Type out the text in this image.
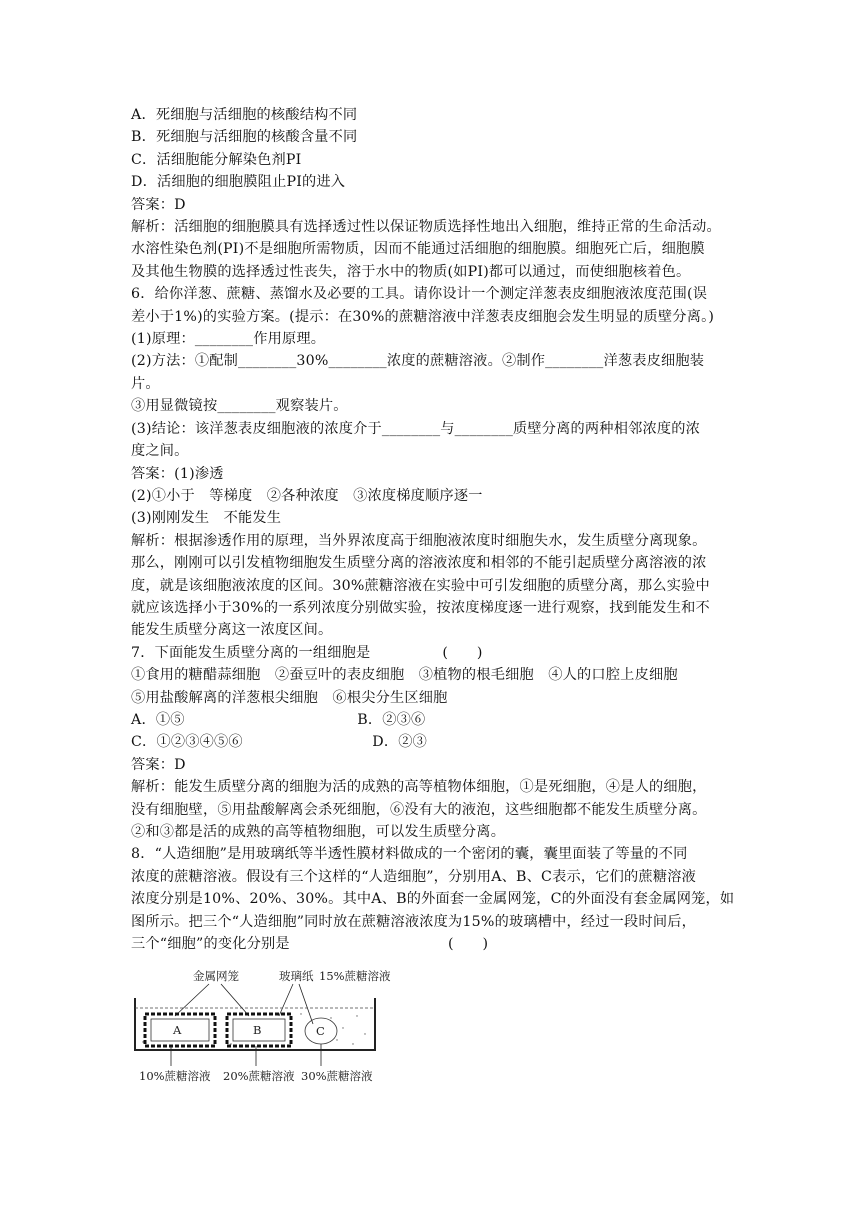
A．死细胞与活细胞的核酸结构不同
B．死细胞与活细胞的核酸含量不同
C．活细胞能分解染色剂PI
D．活细胞的细胞膜阻止PI的进入
答案：D
解析：活细胞的细胞膜具有选择透过性以保证物质选择性地出入细胞，维持正常的生命活动。
水溶性染色剂(PI)不是细胞所需物质，因而不能通过活细胞的细胞膜。细胞死亡后，细胞膜
及其他生物膜的选择透过性丧失，溶于水中的物质(如PI)都可以通过，而使细胞核着色。
6．给你洋葱、蔗糖、蒸馏水及必要的工具。请你设计一个测定洋葱表皮细胞液浓度范围(误
差小于1%)的实验方案。(提示：在30%的蔗糖溶液中洋葱表皮细胞会发生明显的质壁分离。)
(1)原理：________作用原理。
(2)方法：①配制________30%________浓度的蔗糖溶液。②制作________洋葱表皮细胞装
片。
③用显微镜按________观察装片。
(3)结论：该洋葱表皮细胞液的浓度介于________与________质壁分离的两种相邻浓度的浓
度之间。
答案：(1)渗透
(2)①小于　等梯度　②各种浓度　③浓度梯度顺序逐一
(3)刚刚发生　不能发生
解析：根据渗透作用的原理，当外界浓度高于细胞液浓度时细胞失水，发生质壁分离现象。
那么，刚刚可以引发植物细胞发生质壁分离的溶液浓度和相邻的不能引起质壁分离溶液的浓
度，就是该细胞液浓度的区间。30%蔗糖溶液在实验中可引发细胞的质壁分离，那么实验中
就应该选择小于30%的一系列浓度分别做实验，按浓度梯度逐一进行观察，找到能发生和不
能发生质壁分离这一浓度区间。
7．下面能发生质壁分离的一组细胞是　　　　　(　　)
①食用的糖醋蒜细胞　②蚕豆叶的表皮细胞　③植物的根毛细胞　④人的口腔上皮细胞
⑤用盐酸解离的洋葱根尖细胞　⑥根尖分生区细胞
A．①⑤　　　　　　　　　　　　B．②③⑥
C．①②③④⑤⑥　　　　　　　　　D．②③
答案：D
解析：能发生质壁分离的细胞为活的成熟的高等植物体细胞，①是死细胞，④是人的细胞，
没有细胞壁，⑤用盐酸解离会杀死细胞，⑥没有大的液泡，这些细胞都不能发生质壁分离。
②和③都是活的成熟的高等植物细胞，可以发生质壁分离。
8．“人造细胞”是用玻璃纸等半透性膜材料做成的一个密闭的囊，囊里面装了等量的不同
浓度的蔗糖溶液。假设有三个这样的“人造细胞”，分别用A、B、C表示，它们的蔗糖溶液
浓度分别是10%、20%、30%。其中A、B的外面套一金属网笼，C的外面没有套金属网笼，如
图所示。把三个“人造细胞”同时放在蔗糖溶液浓度为15%的玻璃槽中，经过一段时间后，
三个“细胞”的变化分别是　　　　　　　　　　　(　　)
金属网笼	玻璃纸 15%蔗糖溶液
A	B	C
10%蔗糖溶液 20%蔗糖溶液 30%蔗糖溶液
